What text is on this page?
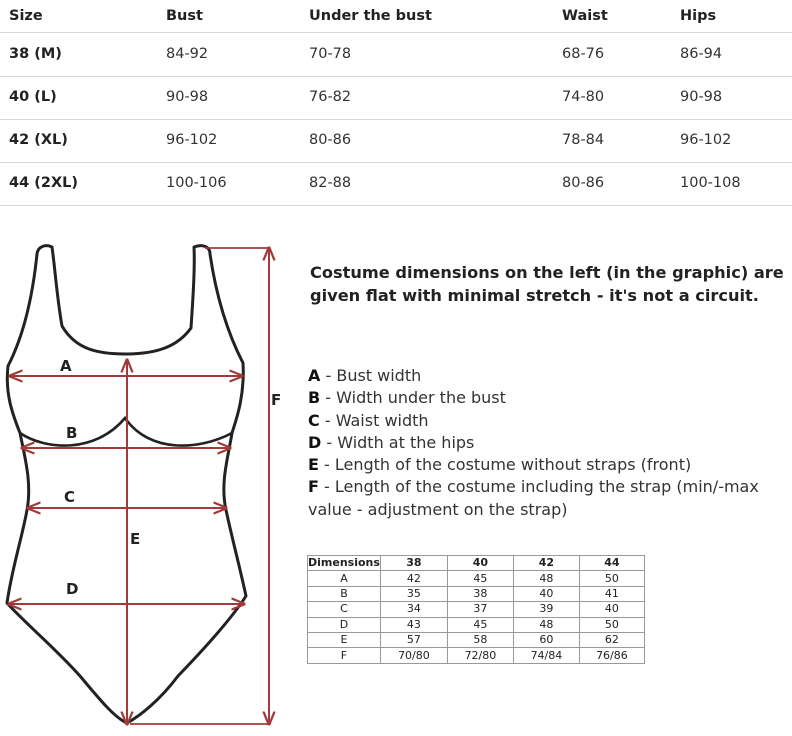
Size	Bust	Under the bust	Waist	Hips
38 (M)	84-92	70-78	68-76	86-94
40 (L)	90-98	76-82	74-80	90-98
42 (XL)	96-102	80-86	78-84	96-102
44 (2XL)	100-106	82-88	80-86	100-108
A
B
C
E
D
F
Costume dimensions on the left (in the graphic) are given flat with minimal stretch - it's not a circuit.
A - Bust width
B - Width under the bust
C - Waist width
D - Width at the hips
E - Length of the costume without straps (front)
F - Length of the costume including the strap (min/-max value - adjustment on the strap)
Dimensions	38	40	42	44
A	42	45	48	50
B	35	38	40	41
C	34	37	39	40
D	43	45	48	50
E	57	58	60	62
F	70/80	72/80	74/84	76/86
